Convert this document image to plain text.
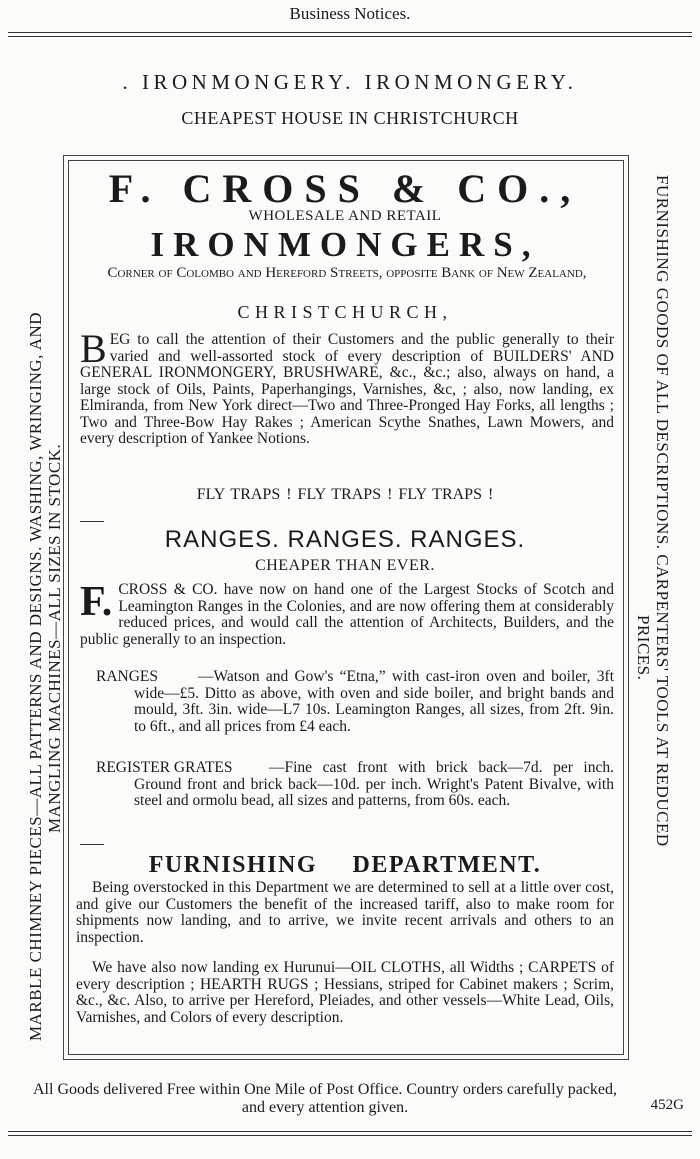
Business Notices.
. IRONMONGERY. IRONMONGERY.
CHEAPEST HOUSE IN CHRISTCHURCH
MARBLE CHIMNEY PIECES—ALL PATTERNS AND DESIGNS. WASHING, WRINGING, AND MANGLING MACHINES—ALL SIZES IN STOCK.	FURNISHING GOODS OF ALL DESCRIPTIONS. CARPENTERS' TOOLS AT REDUCED
PRICES.
F. CROSS & CO.,
WHOLESALE AND RETAIL
IRONMONGERS,
Corner of Colombo and Hereford Streets, opposite Bank of New Zealand,
CHRISTCHURCH,
BEG to call the attention of their Customers and the public generally to their varied and well-assorted stock of every description of BUILDERS' AND GENERAL IRONMONGERY, BRUSHWARE, &c., &c.; also, always on hand, a large stock of Oils, Paints, Paperhangings, Varnishes, &c, ; also, now landing, ex Elmiranda, from New York direct—Two and Three-Pronged Hay Forks, all lengths ; Two and Three-Bow Hay Rakes ; American Scythe Snathes, Lawn Mowers, and every description of Yankee Notions.
FLY TRAPS ! FLY TRAPS ! FLY TRAPS !
RANGES. RANGES. RANGES.
CHEAPER THAN EVER.
F. CROSS & CO. have now on hand one of the Largest Stocks of Scotch and Leamington Ranges in the Colonies, and are now offering them at considerably reduced prices, and would call the attention of Architects, Builders, and the public generally to an inspection.
RANGES	—Watson and Gow's “Etna,” with cast-iron oven and boiler, 3ft wide—£5. Ditto as above, with oven and side boiler, and bright bands and mould, 3ft. 3in. wide—L7 10s. Leamington Ranges, all sizes, from 2ft. 9in. to 6ft., and all prices from £4 each.
REGISTER GRATES	—Fine cast front with brick back—7d. per inch. Ground front and brick back—10d. per inch. Wright's Patent Bivalve, with steel and ormolu bead, all sizes and patterns, from 60s. each.
FURNISHING DEPARTMENT.
Being overstocked in this Department we are determined to sell at a little over cost, and give our Customers the benefit of the increased tariff, also to make room for shipments now landing, and to arrive, we invite recent arrivals and others to an inspection.
We have also now landing ex Hurunui—OIL CLOTHS, all Widths ; CARPETS of every description ; HEARTH RUGS ; Hessians, striped for Cabinet makers ; Scrim, &c., &c. Also, to arrive per Hereford, Pleiades, and other vessels—White Lead, Oils, Varnishes, and Colors of every description.
All Goods delivered Free within One Mile of Post Office. Country orders carefully packed, and every attention given.	452G
